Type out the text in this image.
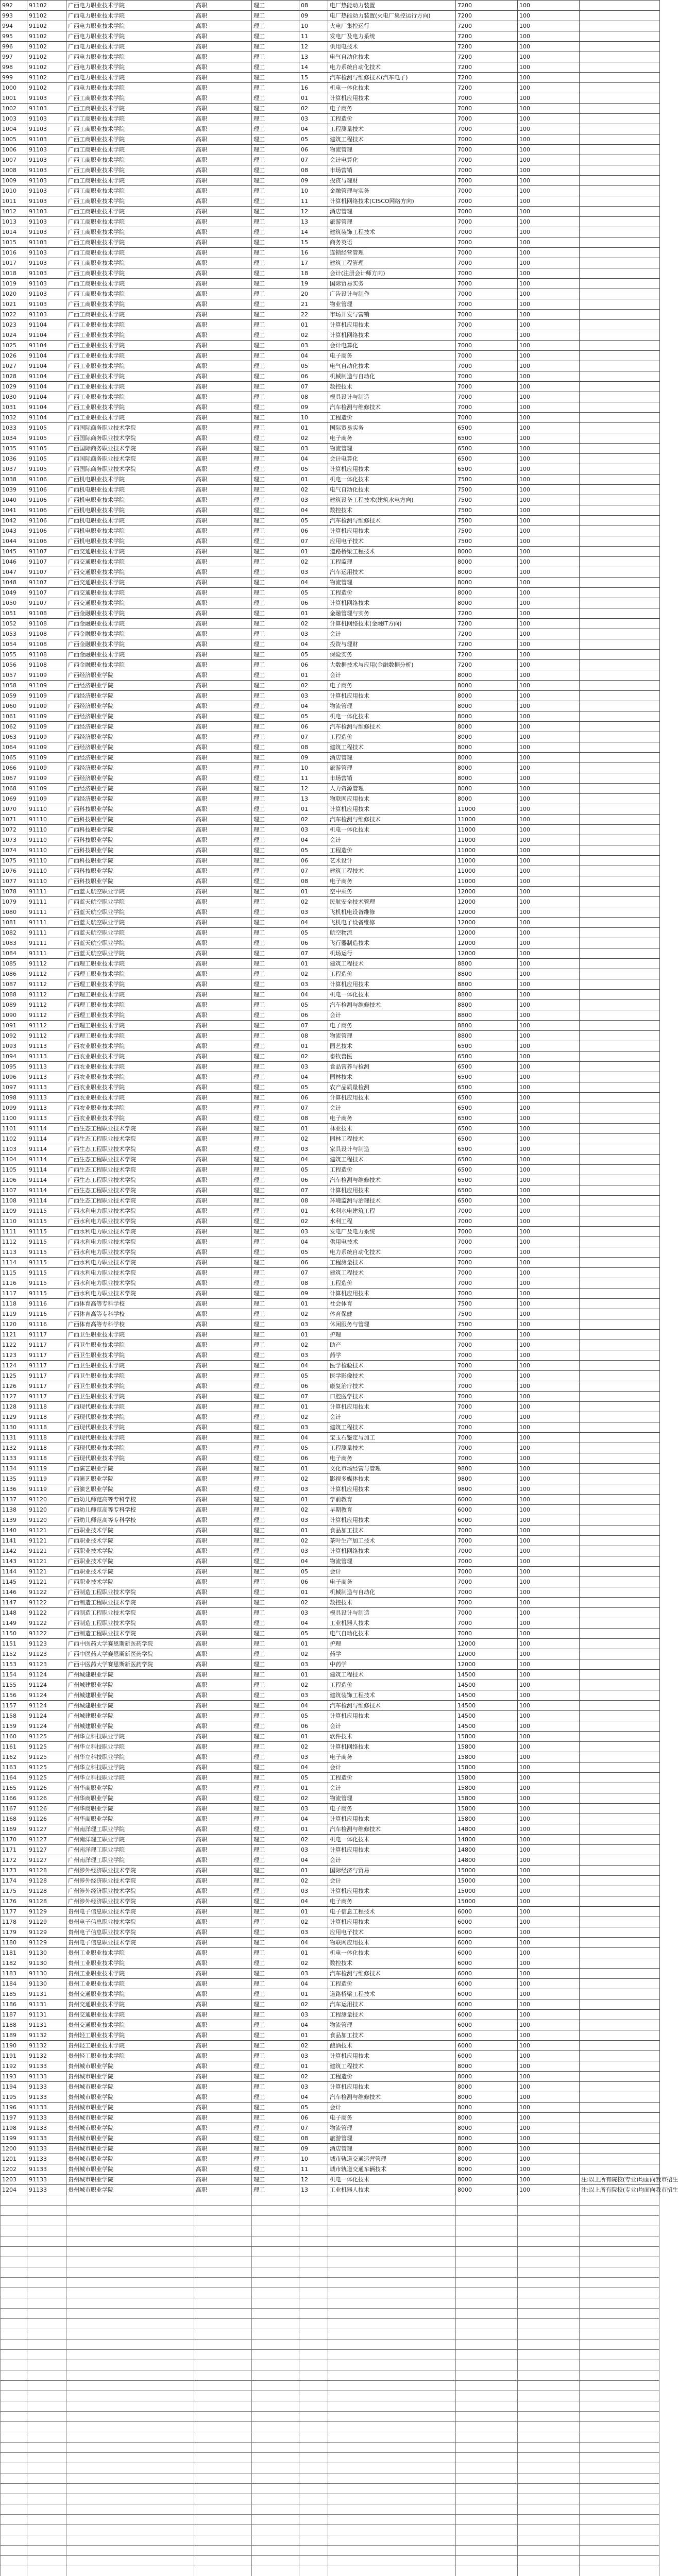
992	91102	广西电力职业技术学院	高职	理工	08	电厂热能动力装置	7200	100	
993	91102	广西电力职业技术学院	高职	理工	09	电厂热能动力装置(火电厂集控运行方向)	7200	100	
994	91102	广西电力职业技术学院	高职	理工	10	火电厂集控运行	7200	100	
995	91102	广西电力职业技术学院	高职	理工	11	发电厂及电力系统	7200	100	
996	91102	广西电力职业技术学院	高职	理工	12	供用电技术	7200	100	
997	91102	广西电力职业技术学院	高职	理工	13	电气自动化技术	7200	100	
998	91102	广西电力职业技术学院	高职	理工	14	电力系统自动化技术	7200	100	
999	91102	广西电力职业技术学院	高职	理工	15	汽车检测与维修技术(汽车电子)	7200	100	
1000	91102	广西电力职业技术学院	高职	理工	16	机电一体化技术	7200	100	
1001	91103	广西工商职业技术学院	高职	理工	01	计算机应用技术	7000	100	
1002	91103	广西工商职业技术学院	高职	理工	02	电子商务	7000	100	
1003	91103	广西工商职业技术学院	高职	理工	03	工程造价	7000	100	
1004	91103	广西工商职业技术学院	高职	理工	04	工程测量技术	7000	100	
1005	91103	广西工商职业技术学院	高职	理工	05	建筑工程技术	7000	100	
1006	91103	广西工商职业技术学院	高职	理工	06	物流管理	7000	100	
1007	91103	广西工商职业技术学院	高职	理工	07	会计电算化	7000	100	
1008	91103	广西工商职业技术学院	高职	理工	08	市场营销	7000	100	
1009	91103	广西工商职业技术学院	高职	理工	09	投资与理财	7000	100	
1010	91103	广西工商职业技术学院	高职	理工	10	金融管理与实务	7000	100	
1011	91103	广西工商职业技术学院	高职	理工	11	计算机网络技术(CISCO网络方向)	7000	100	
1012	91103	广西工商职业技术学院	高职	理工	12	酒店管理	7000	100	
1013	91103	广西工商职业技术学院	高职	理工	13	旅游管理	7000	100	
1014	91103	广西工商职业技术学院	高职	理工	14	建筑装饰工程技术	7000	100	
1015	91103	广西工商职业技术学院	高职	理工	15	商务英语	7000	100	
1016	91103	广西工商职业技术学院	高职	理工	16	连锁经营管理	7000	100	
1017	91103	广西工商职业技术学院	高职	理工	17	建筑工程管理	7000	100	
1018	91103	广西工商职业技术学院	高职	理工	18	会计(注册会计师方向)	7000	100	
1019	91103	广西工商职业技术学院	高职	理工	19	国际贸易实务	7000	100	
1020	91103	广西工商职业技术学院	高职	理工	20	广告设计与制作	7000	100	
1021	91103	广西工商职业技术学院	高职	理工	21	物业管理	7000	100	
1022	91103	广西工商职业技术学院	高职	理工	22	市场开发与营销	7000	100	
1023	91104	广西工业职业技术学院	高职	理工	01	计算机应用技术	7000	100	
1024	91104	广西工业职业技术学院	高职	理工	02	计算机网络技术	7000	100	
1025	91104	广西工业职业技术学院	高职	理工	03	会计电算化	7000	100	
1026	91104	广西工业职业技术学院	高职	理工	04	电子商务	7000	100	
1027	91104	广西工业职业技术学院	高职	理工	05	电气自动化技术	7000	100	
1028	91104	广西工业职业技术学院	高职	理工	06	机械制造与自动化	7000	100	
1029	91104	广西工业职业技术学院	高职	理工	07	数控技术	7000	100	
1030	91104	广西工业职业技术学院	高职	理工	08	模具设计与制造	7000	100	
1031	91104	广西工业职业技术学院	高职	理工	09	汽车检测与维修技术	7000	100	
1032	91104	广西工业职业技术学院	高职	理工	10	工程造价	7000	100	
1033	91105	广西国际商务职业技术学院	高职	理工	01	国际贸易实务	6500	100	
1034	91105	广西国际商务职业技术学院	高职	理工	02	电子商务	6500	100	
1035	91105	广西国际商务职业技术学院	高职	理工	03	物流管理	6500	100	
1036	91105	广西国际商务职业技术学院	高职	理工	04	会计电算化	6500	100	
1037	91105	广西国际商务职业技术学院	高职	理工	05	计算机应用技术	6500	100	
1038	91106	广西机电职业技术学院	高职	理工	01	机电一体化技术	7500	100	
1039	91106	广西机电职业技术学院	高职	理工	02	电气自动化技术	7500	100	
1040	91106	广西机电职业技术学院	高职	理工	03	建筑设备工程技术(建筑水电方向)	7500	100	
1041	91106	广西机电职业技术学院	高职	理工	04	数控技术	7500	100	
1042	91106	广西机电职业技术学院	高职	理工	05	汽车检测与维修技术	7500	100	
1043	91106	广西机电职业技术学院	高职	理工	06	计算机应用技术	7500	100	
1044	91106	广西机电职业技术学院	高职	理工	07	应用电子技术	7500	100	
1045	91107	广西交通职业技术学院	高职	理工	01	道路桥梁工程技术	8000	100	
1046	91107	广西交通职业技术学院	高职	理工	02	工程监理	8000	100	
1047	91107	广西交通职业技术学院	高职	理工	03	汽车运用技术	8000	100	
1048	91107	广西交通职业技术学院	高职	理工	04	物流管理	8000	100	
1049	91107	广西交通职业技术学院	高职	理工	05	工程造价	8000	100	
1050	91107	广西交通职业技术学院	高职	理工	06	计算机网络技术	8000	100	
1051	91108	广西金融职业技术学院	高职	理工	01	金融管理与实务	7200	100	
1052	91108	广西金融职业技术学院	高职	理工	02	计算机网络技术(金融IT方向)	7200	100	
1053	91108	广西金融职业技术学院	高职	理工	03	会计	7200	100	
1054	91108	广西金融职业技术学院	高职	理工	04	投资与理财	7200	100	
1055	91108	广西金融职业技术学院	高职	理工	05	保险实务	7200	100	
1056	91108	广西金融职业技术学院	高职	理工	06	大数据技术与应用(金融数据分析)	7200	100	
1057	91109	广西经济职业学院	高职	理工	01	会计	8000	100	
1058	91109	广西经济职业学院	高职	理工	02	电子商务	8000	100	
1059	91109	广西经济职业学院	高职	理工	03	计算机应用技术	8000	100	
1060	91109	广西经济职业学院	高职	理工	04	物流管理	8000	100	
1061	91109	广西经济职业学院	高职	理工	05	机电一体化技术	8000	100	
1062	91109	广西经济职业学院	高职	理工	06	汽车检测与维修技术	8000	100	
1063	91109	广西经济职业学院	高职	理工	07	工程造价	8000	100	
1064	91109	广西经济职业学院	高职	理工	08	建筑工程技术	8000	100	
1065	91109	广西经济职业学院	高职	理工	09	酒店管理	8000	100	
1066	91109	广西经济职业学院	高职	理工	10	旅游管理	8000	100	
1067	91109	广西经济职业学院	高职	理工	11	市场营销	8000	100	
1068	91109	广西经济职业学院	高职	理工	12	人力资源管理	8000	100	
1069	91109	广西经济职业学院	高职	理工	13	物联网应用技术	8000	100	
1070	91110	广西科技职业学院	高职	理工	01	计算机应用技术	11000	100	
1071	91110	广西科技职业学院	高职	理工	02	汽车检测与维修技术	11000	100	
1072	91110	广西科技职业学院	高职	理工	03	机电一体化技术	11000	100	
1073	91110	广西科技职业学院	高职	理工	04	会计	11000	100	
1074	91110	广西科技职业学院	高职	理工	05	工程造价	11000	100	
1075	91110	广西科技职业学院	高职	理工	06	艺术设计	11000	100	
1076	91110	广西科技职业学院	高职	理工	07	建筑工程技术	11000	100	
1077	91110	广西科技职业学院	高职	理工	08	电子商务	11000	100	
1078	91111	广西蓝天航空职业学院	高职	理工	01	空中乘务	12000	100	
1079	91111	广西蓝天航空职业学院	高职	理工	02	民航安全技术管理	12000	100	
1080	91111	广西蓝天航空职业学院	高职	理工	03	飞机机电设备维修	12000	100	
1081	91111	广西蓝天航空职业学院	高职	理工	04	飞机电子设备维修	12000	100	
1082	91111	广西蓝天航空职业学院	高职	理工	05	航空物流	12000	100	
1083	91111	广西蓝天航空职业学院	高职	理工	06	飞行器制造技术	12000	100	
1084	91111	广西蓝天航空职业学院	高职	理工	07	机场运行	12000	100	
1085	91112	广西理工职业技术学院	高职	理工	01	建筑工程技术	8800	100	
1086	91112	广西理工职业技术学院	高职	理工	02	工程造价	8800	100	
1087	91112	广西理工职业技术学院	高职	理工	03	计算机应用技术	8800	100	
1088	91112	广西理工职业技术学院	高职	理工	04	机电一体化技术	8800	100	
1089	91112	广西理工职业技术学院	高职	理工	05	汽车检测与维修技术	8800	100	
1090	91112	广西理工职业技术学院	高职	理工	06	会计	8800	100	
1091	91112	广西理工职业技术学院	高职	理工	07	电子商务	8800	100	
1092	91112	广西理工职业技术学院	高职	理工	08	物流管理	8800	100	
1093	91113	广西农业职业技术学院	高职	理工	01	园艺技术	6500	100	
1094	91113	广西农业职业技术学院	高职	理工	02	畜牧兽医	6500	100	
1095	91113	广西农业职业技术学院	高职	理工	03	食品营养与检测	6500	100	
1096	91113	广西农业职业技术学院	高职	理工	04	园林技术	6500	100	
1097	91113	广西农业职业技术学院	高职	理工	05	农产品质量检测	6500	100	
1098	91113	广西农业职业技术学院	高职	理工	06	计算机应用技术	6500	100	
1099	91113	广西农业职业技术学院	高职	理工	07	会计	6500	100	
1100	91113	广西农业职业技术学院	高职	理工	08	电子商务	6500	100	
1101	91114	广西生态工程职业技术学院	高职	理工	01	林业技术	6500	100	
1102	91114	广西生态工程职业技术学院	高职	理工	02	园林工程技术	6500	100	
1103	91114	广西生态工程职业技术学院	高职	理工	03	家具设计与制造	6500	100	
1104	91114	广西生态工程职业技术学院	高职	理工	04	建筑工程技术	6500	100	
1105	91114	广西生态工程职业技术学院	高职	理工	05	工程造价	6500	100	
1106	91114	广西生态工程职业技术学院	高职	理工	06	汽车检测与维修技术	6500	100	
1107	91114	广西生态工程职业技术学院	高职	理工	07	计算机应用技术	6500	100	
1108	91114	广西生态工程职业技术学院	高职	理工	08	环境监测与治理技术	6500	100	
1109	91115	广西水利电力职业技术学院	高职	理工	01	水利水电建筑工程	7000	100	
1110	91115	广西水利电力职业技术学院	高职	理工	02	水利工程	7000	100	
1111	91115	广西水利电力职业技术学院	高职	理工	03	发电厂及电力系统	7000	100	
1112	91115	广西水利电力职业技术学院	高职	理工	04	供用电技术	7000	100	
1113	91115	广西水利电力职业技术学院	高职	理工	05	电力系统自动化技术	7000	100	
1114	91115	广西水利电力职业技术学院	高职	理工	06	工程测量技术	7000	100	
1115	91115	广西水利电力职业技术学院	高职	理工	07	建筑工程技术	7000	100	
1116	91115	广西水利电力职业技术学院	高职	理工	08	工程造价	7000	100	
1117	91115	广西水利电力职业技术学院	高职	理工	09	计算机应用技术	7000	100	
1118	91116	广西体育高等专科学校	高职	理工	01	社会体育	7500	100	
1119	91116	广西体育高等专科学校	高职	理工	02	体育保健	7500	100	
1120	91116	广西体育高等专科学校	高职	理工	03	休闲服务与管理	7500	100	
1121	91117	广西卫生职业技术学院	高职	理工	01	护理	7000	100	
1122	91117	广西卫生职业技术学院	高职	理工	02	助产	7000	100	
1123	91117	广西卫生职业技术学院	高职	理工	03	药学	7000	100	
1124	91117	广西卫生职业技术学院	高职	理工	04	医学检验技术	7000	100	
1125	91117	广西卫生职业技术学院	高职	理工	05	医学影像技术	7000	100	
1126	91117	广西卫生职业技术学院	高职	理工	06	康复治疗技术	7000	100	
1127	91117	广西卫生职业技术学院	高职	理工	07	口腔医学技术	7000	100	
1128	91118	广西现代职业技术学院	高职	理工	01	计算机应用技术	7000	100	
1129	91118	广西现代职业技术学院	高职	理工	02	会计	7000	100	
1130	91118	广西现代职业技术学院	高职	理工	03	建筑工程技术	7000	100	
1131	91118	广西现代职业技术学院	高职	理工	04	宝玉石鉴定与加工	7000	100	
1132	91118	广西现代职业技术学院	高职	理工	05	工程测量技术	7000	100	
1133	91118	广西现代职业技术学院	高职	理工	06	电子商务	7000	100	
1134	91119	广西演艺职业学院	高职	理工	01	文化市场经营与管理	9800	100	
1135	91119	广西演艺职业学院	高职	理工	02	影视多媒体技术	9800	100	
1136	91119	广西演艺职业学院	高职	理工	03	计算机应用技术	9800	100	
1137	91120	广西幼儿师范高等专科学校	高职	理工	01	学前教育	6000	100	
1138	91120	广西幼儿师范高等专科学校	高职	理工	02	早期教育	6000	100	
1139	91120	广西幼儿师范高等专科学校	高职	理工	03	计算机应用技术	6000	100	
1140	91121	广西职业技术学院	高职	理工	01	食品加工技术	7000	100	
1141	91121	广西职业技术学院	高职	理工	02	茶叶生产加工技术	7000	100	
1142	91121	广西职业技术学院	高职	理工	03	计算机网络技术	7000	100	
1143	91121	广西职业技术学院	高职	理工	04	物流管理	7000	100	
1144	91121	广西职业技术学院	高职	理工	05	会计	7000	100	
1145	91121	广西职业技术学院	高职	理工	06	电子商务	7000	100	
1146	91122	广西制造工程职业技术学院	高职	理工	01	机械制造与自动化	7000	100	
1147	91122	广西制造工程职业技术学院	高职	理工	02	数控技术	7000	100	
1148	91122	广西制造工程职业技术学院	高职	理工	03	模具设计与制造	7000	100	
1149	91122	广西制造工程职业技术学院	高职	理工	04	工业机器人技术	7000	100	
1150	91122	广西制造工程职业技术学院	高职	理工	05	电气自动化技术	7000	100	
1151	91123	广西中医药大学赛恩斯新医药学院	高职	理工	01	护理	12000	100	
1152	91123	广西中医药大学赛恩斯新医药学院	高职	理工	02	药学	12000	100	
1153	91123	广西中医药大学赛恩斯新医药学院	高职	理工	03	中药学	12000	100	
1154	91124	广州城建职业学院	高职	理工	01	建筑工程技术	14500	100	
1155	91124	广州城建职业学院	高职	理工	02	工程造价	14500	100	
1156	91124	广州城建职业学院	高职	理工	03	建筑装饰工程技术	14500	100	
1157	91124	广州城建职业学院	高职	理工	04	汽车检测与维修技术	14500	100	
1158	91124	广州城建职业学院	高职	理工	05	计算机应用技术	14500	100	
1159	91124	广州城建职业学院	高职	理工	06	会计	14500	100	
1160	91125	广州华立科技职业学院	高职	理工	01	软件技术	15800	100	
1161	91125	广州华立科技职业学院	高职	理工	02	计算机网络技术	15800	100	
1162	91125	广州华立科技职业学院	高职	理工	03	电子商务	15800	100	
1163	91125	广州华立科技职业学院	高职	理工	04	会计	15800	100	
1164	91125	广州华立科技职业学院	高职	理工	05	工程造价	15800	100	
1165	91126	广州华商职业学院	高职	理工	01	会计	15800	100	
1166	91126	广州华商职业学院	高职	理工	02	物流管理	15800	100	
1167	91126	广州华商职业学院	高职	理工	03	电子商务	15800	100	
1168	91126	广州华商职业学院	高职	理工	04	计算机应用技术	15800	100	
1169	91127	广州南洋理工职业学院	高职	理工	01	汽车检测与维修技术	14800	100	
1170	91127	广州南洋理工职业学院	高职	理工	02	机电一体化技术	14800	100	
1171	91127	广州南洋理工职业学院	高职	理工	03	计算机应用技术	14800	100	
1172	91127	广州南洋理工职业学院	高职	理工	04	会计	14800	100	
1173	91128	广州涉外经济职业技术学院	高职	理工	01	国际经济与贸易	15000	100	
1174	91128	广州涉外经济职业技术学院	高职	理工	02	会计	15000	100	
1175	91128	广州涉外经济职业技术学院	高职	理工	03	计算机应用技术	15000	100	
1176	91128	广州涉外经济职业技术学院	高职	理工	04	电子商务	15000	100	
1177	91129	贵州电子信息职业技术学院	高职	理工	01	电子信息工程技术	6000	100	
1178	91129	贵州电子信息职业技术学院	高职	理工	02	计算机应用技术	6000	100	
1179	91129	贵州电子信息职业技术学院	高职	理工	03	应用电子技术	6000	100	
1180	91129	贵州电子信息职业技术学院	高职	理工	04	物联网应用技术	6000	100	
1181	91130	贵州工业职业技术学院	高职	理工	01	机电一体化技术	6000	100	
1182	91130	贵州工业职业技术学院	高职	理工	02	数控技术	6000	100	
1183	91130	贵州工业职业技术学院	高职	理工	03	汽车检测与维修技术	6000	100	
1184	91130	贵州工业职业技术学院	高职	理工	04	工程造价	6000	100	
1185	91131	贵州交通职业技术学院	高职	理工	01	道路桥梁工程技术	6000	100	
1186	91131	贵州交通职业技术学院	高职	理工	02	汽车运用技术	6000	100	
1187	91131	贵州交通职业技术学院	高职	理工	03	工程测量技术	6000	100	
1188	91131	贵州交通职业技术学院	高职	理工	04	物流管理	6000	100	
1189	91132	贵州轻工职业技术学院	高职	理工	01	食品加工技术	6000	100	
1190	91132	贵州轻工职业技术学院	高职	理工	02	酿酒技术	6000	100	
1191	91132	贵州轻工职业技术学院	高职	理工	03	计算机应用技术	6000	100	
1192	91133	贵州城市职业学院	高职	理工	01	建筑工程技术	8000	100	
1193	91133	贵州城市职业学院	高职	理工	02	工程造价	8000	100	
1194	91133	贵州城市职业学院	高职	理工	03	计算机应用技术	8000	100	
1195	91133	贵州城市职业学院	高职	理工	04	汽车检测与维修技术	8000	100	
1196	91133	贵州城市职业学院	高职	理工	05	会计	8000	100	
1197	91133	贵州城市职业学院	高职	理工	06	电子商务	8000	100	
1198	91133	贵州城市职业学院	高职	理工	07	物流管理	8000	100	
1199	91133	贵州城市职业学院	高职	理工	08	旅游管理	8000	100	
1200	91133	贵州城市职业学院	高职	理工	09	酒店管理	8000	100	
1201	91133	贵州城市职业学院	高职	理工	10	城市轨道交通运营管理	8000	100	
1202	91133	贵州城市职业学院	高职	理工	11	城市轨道交通车辆技术	8000	100	
1203	91133	贵州城市职业学院	高职	理工	12	机电一体化技术	8000	100	注:以上所有院校(专业)均面向我市招生
1204	91133	贵州城市职业学院	高职	理工	13	工业机器人技术	8000	100	注:以上所有院校(专业)均面向我市招生
